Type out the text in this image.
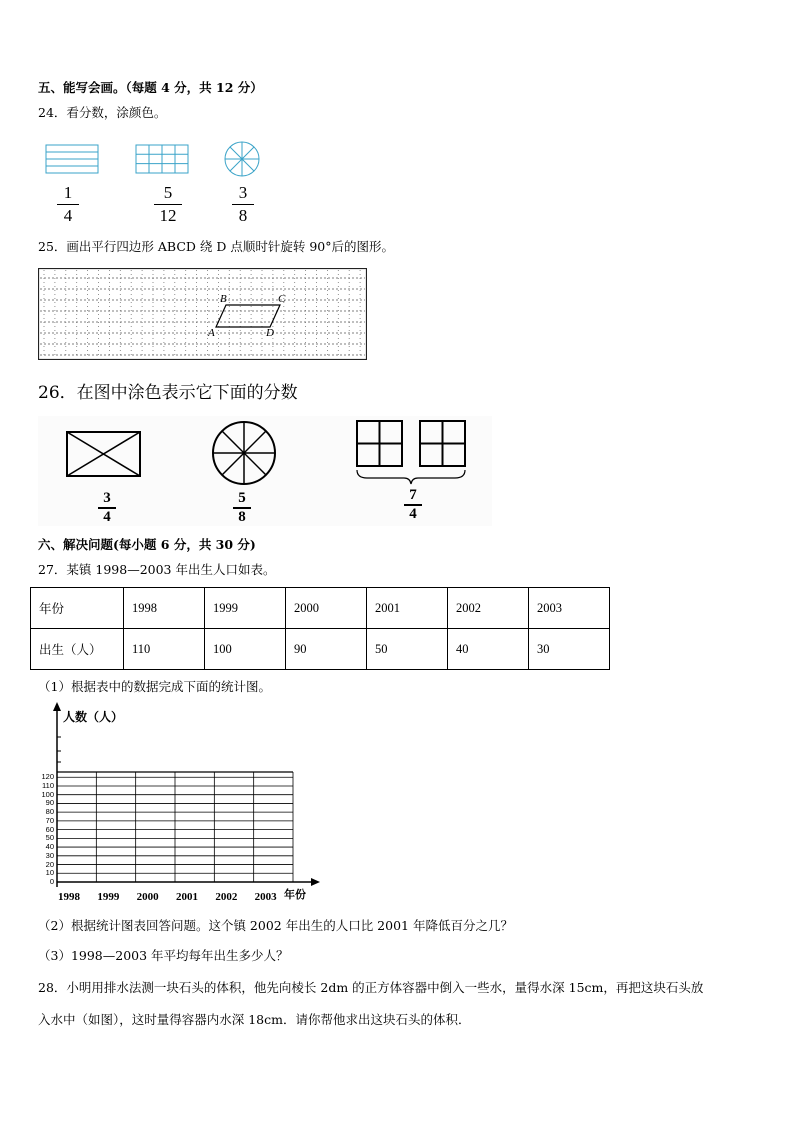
五、能写会画。（每题 4 分，共 12 分）
24．看分数，涂颜色。
1
4
5
12
3
8
25．画出平行四边形 ABCD 绕 D 点顺时针旋转 90°后的图形。
B	C
A	D
26．在图中涂色表示它下面的分数
3
4
5
8
7
4
六、解决问题(每小题 6 分，共 30 分)
27．某镇 1998—2003 年出生人口如表。
年份	1998	1999	2000	2001	2002	2003
出生（人）	110	100	90	50	40	30
（1）根据表中的数据完成下面的统计图。
人数（人）
年份
0
10
20
30
40
50
60
70
80
90
100
110
120
1998 1999 2000 2001 2002 2003
（2）根据统计图表回答问题。这个镇 2002 年出生的人口比 2001 年降低百分之几？
（3）1998—2003 年平均每年出生多少人？
28．小明用排水法测一块石头的体积，他先向棱长 2dm 的正方体容器中倒入一些水，量得水深 15cm，再把这块石头放
入水中（如图），这时量得容器内水深 18cm．请你帮他求出这块石头的体积．
